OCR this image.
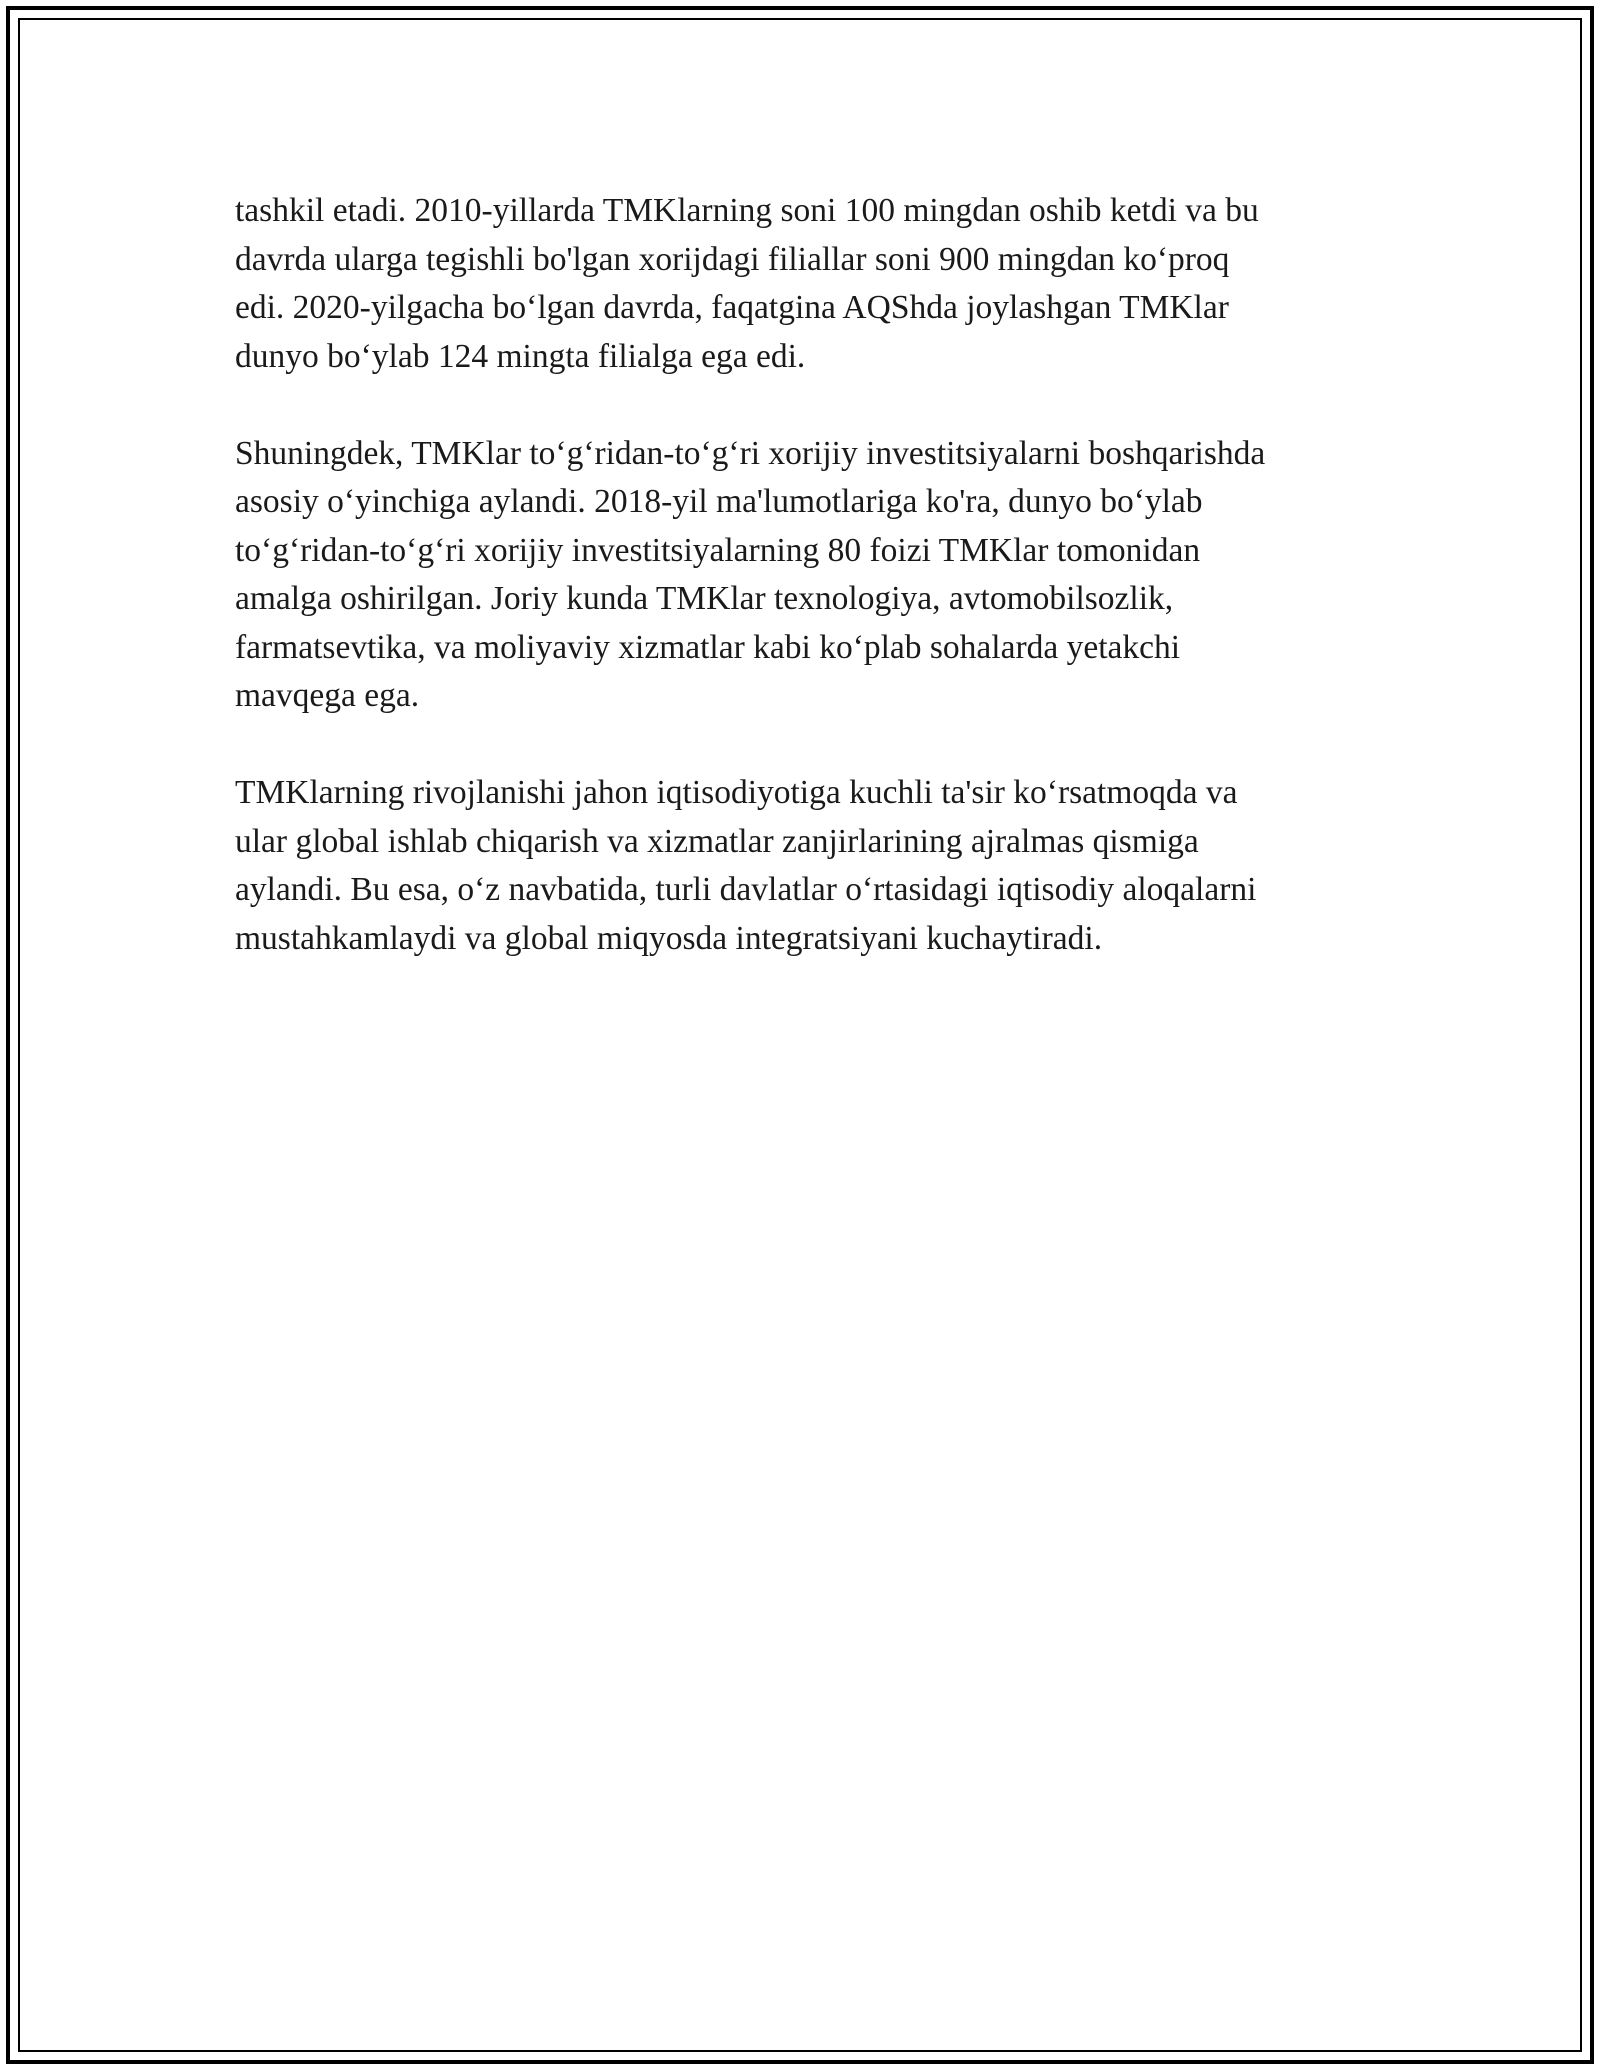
tashkil etadi. 2010-yillarda TMKlarning soni 100 mingdan oshib ketdi va bu
davrda ularga tegishli bo'lgan xorijdagi filiallar soni 900 mingdan ko‘proq
edi. 2020-yilgacha bo‘lgan davrda, faqatgina AQShda joylashgan TMKlar
dunyo bo‘ylab 124 mingta filialga ega edi.

Shuningdek, TMKlar to‘g‘ridan-to‘g‘ri xorijiy investitsiyalarni boshqarishda
asosiy o‘yinchiga aylandi. 2018-yil ma'lumotlariga ko'ra, dunyo bo‘ylab
to‘g‘ridan-to‘g‘ri xorijiy investitsiyalarning 80 foizi TMKlar tomonidan
amalga oshirilgan. Joriy kunda TMKlar texnologiya, avtomobilsozlik,
farmatsevtika, va moliyaviy xizmatlar kabi ko‘plab sohalarda yetakchi
mavqega ega.

TMKlarning rivojlanishi jahon iqtisodiyotiga kuchli ta'sir ko‘rsatmoqda va
ular global ishlab chiqarish va xizmatlar zanjirlarining ajralmas qismiga
aylandi. Bu esa, o‘z navbatida, turli davlatlar o‘rtasidagi iqtisodiy aloqalarni
mustahkamlaydi va global miqyosda integratsiyani kuchaytiradi.
